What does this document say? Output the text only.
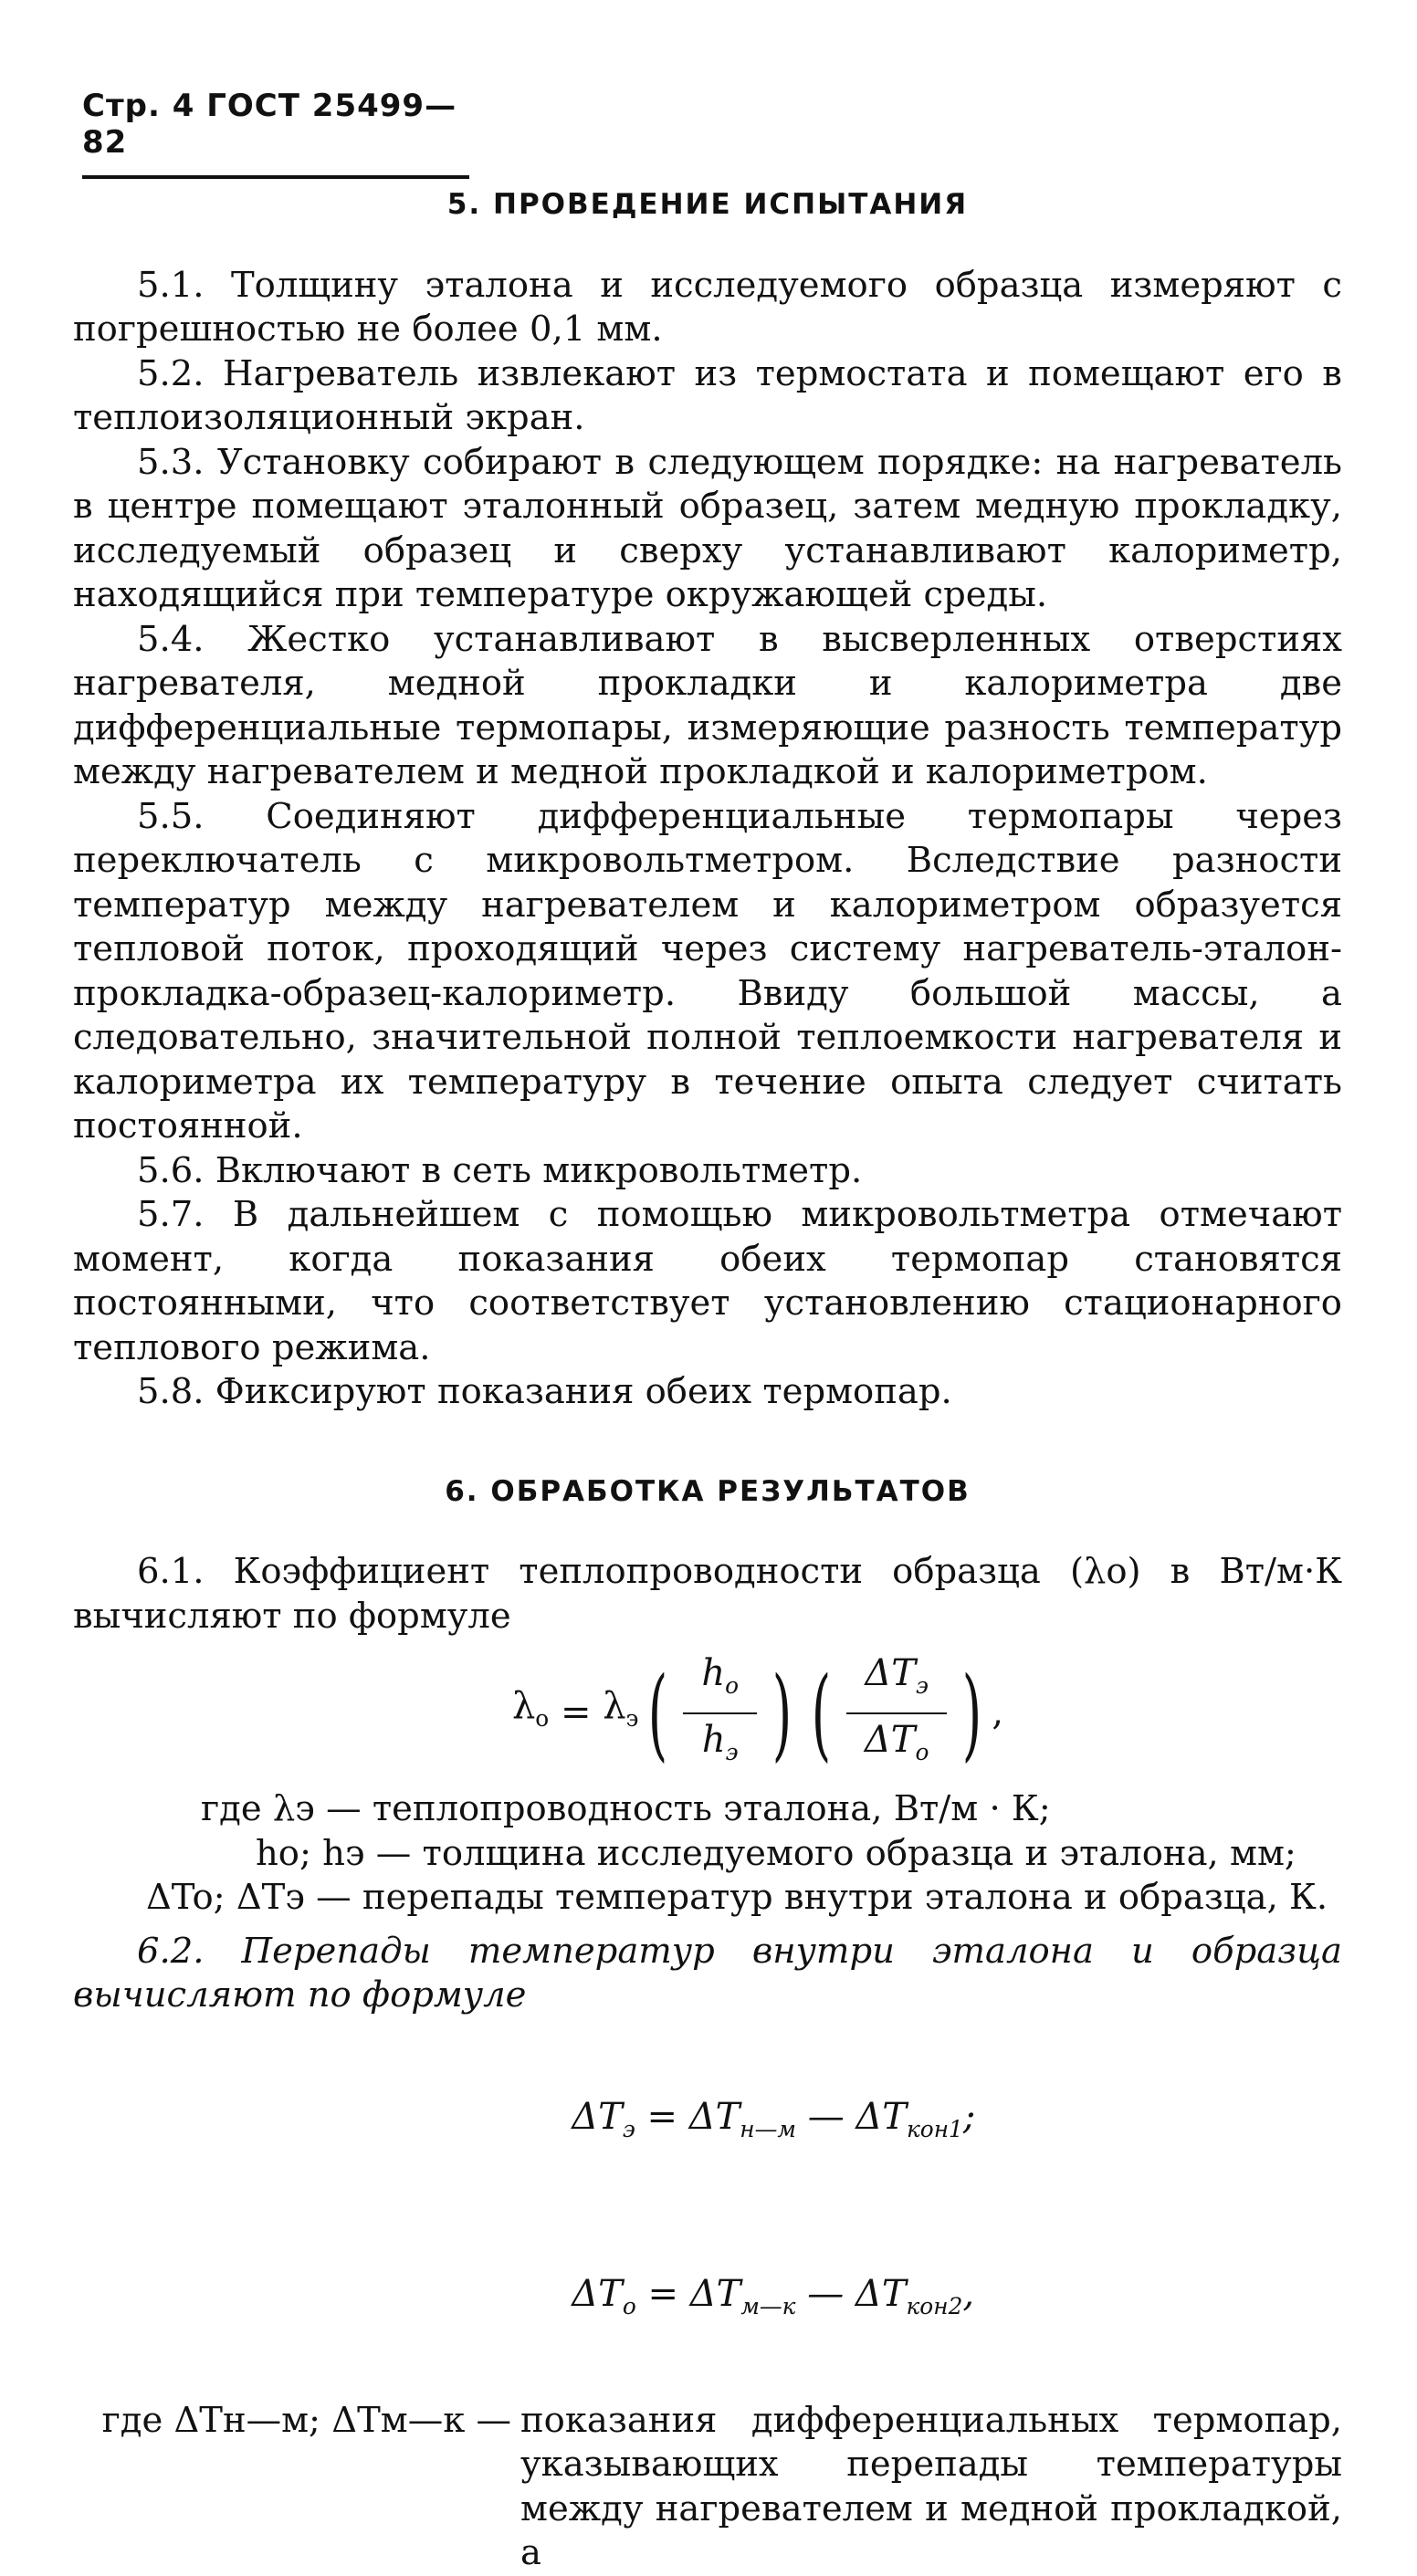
Стр. 4 ГОСТ 25499—82
5. ПРОВЕДЕНИЕ ИСПЫТАНИЯ

5.1. Толщину эталона и исследуемого образца измеряют с погрешностью не более 0,1 мм.

5.2. Нагреватель извлекают из термостата и помещают его в теплоизоляционный экран.

5.3. Установку собирают в следующем порядке: на нагреватель в центре помещают эталонный образец, затем медную прокладку, исследуемый образец и сверху устанавливают калориметр, находящийся при температуре окружающей среды.

5.4. Жестко устанавливают в высверленных отверстиях нагревателя, медной прокладки и калориметра две дифференциальные термопары, измеряющие разность температур между нагревателем и медной прокладкой и калориметром.

5.5. Соединяют дифференциальные термопары через переключатель с микровольтметром. Вследствие разности температур между нагревателем и калориметром образуется тепловой поток, проходящий через систему нагреватель-эталон-прокладка-образец-калориметр. Ввиду большой массы, а следовательно, значительной полной теплоемкости нагревателя и калориметра их температуру в течение опыта следует считать постоянной.

5.6. Включают в сеть микровольтметр.

5.7. В дальнейшем с помощью микровольтметра отмечают момент, когда показания обеих термопар становятся постоянными, что соответствует установлению стационарного теплового режима.

5.8. Фиксируют показания обеих термопар.

6. ОБРАБОТКА РЕЗУЛЬТАТОВ

6.1. Коэффициент теплопроводности образца (λo) в Вт/м·К вычисляют по формуле

$\lambda_o = \lambda_э$ ( $\frac{h_o}{h_э}$ ) ( $\frac{\Delta T_э}{\Delta T_o}$ ) ,
где λэ — теплопроводность эталона, Вт/м · К;
ho; hэ — толщина исследуемого образца и эталона, мм;
ΔTo; ΔTэ — перепады температур внутри эталона и образца, К.

6.2. Перепады температур внутри эталона и образца вычисляют по формуле

$\Delta T_э = \Delta T_{н—м}$ — $\Delta T_{кон1}$;

$\Delta T_о = \Delta T_{м—к}$ — $\Delta T_{кон2}$,

где ΔTн—м; ΔTм—к — показания дифференциальных термопар, указывающих перепады температуры между нагревателем и медной прокладкой, а
